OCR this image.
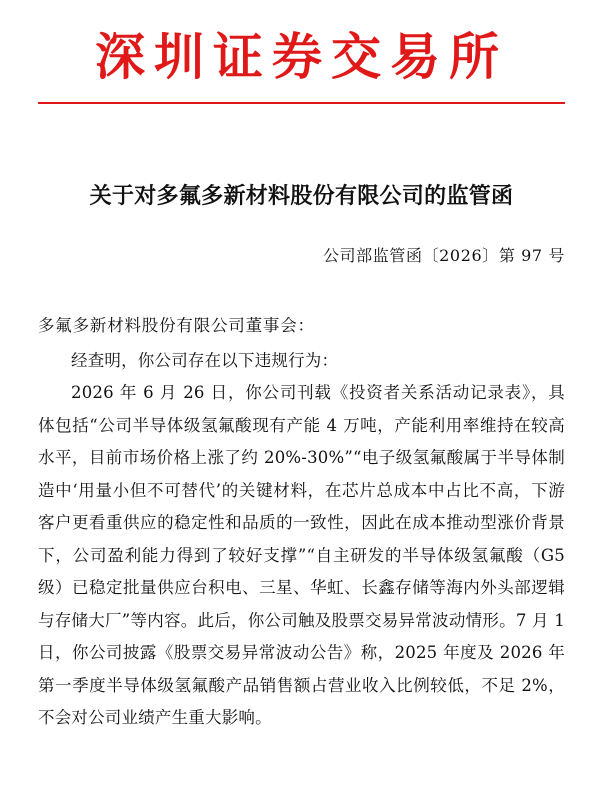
深圳证券交易所
关于对多氟多新材料股份有限公司的监管函
公司部监管函〔2026〕第 97 号
多氟多新材料股份有限公司董事会：
经查明，你公司存在以下违规行为：
2026 年 6 月 26 日，你公司刊载《投资者关系活动记录表》，具体包括“公司半导体级氢氟酸现有产能 4 万吨，产能利用率维持在较高水平，目前市场价格上涨了约 20%-30%”“电子级氢氟酸属于半导体制造中‘用量小但不可替代’的关键材料，在芯片总成本中占比不高，下游客户更看重供应的稳定性和品质的一致性，因此在成本推动型涨价背景下，公司盈利能力得到了较好支撑”“自主研发的半导体级氢氟酸（G5 级）已稳定批量供应台积电、三星、华虹、长鑫存储等海内外头部逻辑与存储大厂”等内容。此后，你公司触及股票交易异常波动情形。7 月 1 日，你公司披露《股票交易异常波动公告》称，2025 年度及 2026 年第一季度半导体级氢氟酸产品销售额占营业收入比例较低，不足 2%，不会对公司业绩产生重大影响。
